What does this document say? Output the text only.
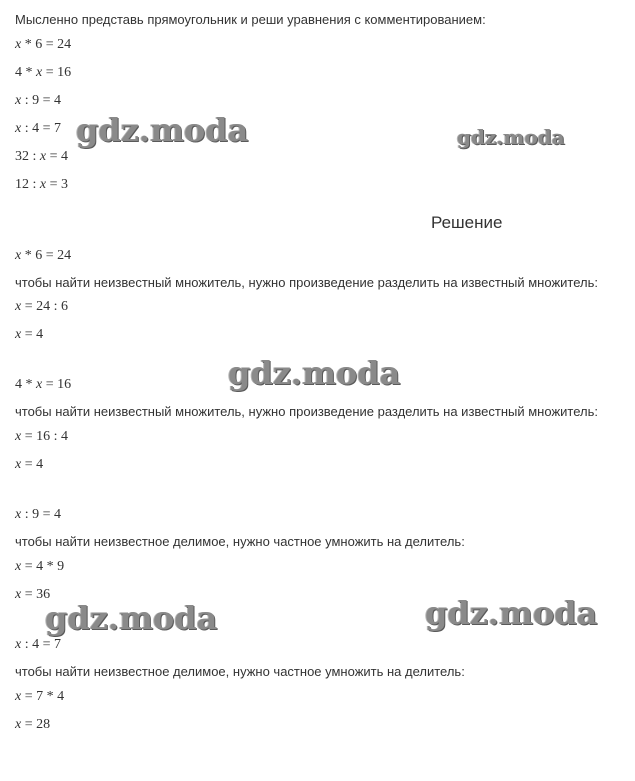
Мысленно представь прямоугольник и реши уравнения с комментированием:
x * 6 = 24
4 * x = 16
x : 9 = 4
x : 4 = 7
32 : x = 4
12 : x = 3
Решение
x * 6 = 24
чтобы найти неизвестный множитель, нужно произведение разделить на известный множитель:
x = 24 : 6
x = 4
4 * x = 16
чтобы найти неизвестный множитель, нужно произведение разделить на известный множитель:
x = 16 : 4
x = 4
x : 9 = 4
чтобы найти неизвестное делимое, нужно частное умножить на делитель:
x = 4 * 9
x = 36
x : 4 = 7
чтобы найти неизвестное делимое, нужно частное умножить на делитель:
x = 7 * 4
x = 28
gdz.moda	gdz.moda
gdz.moda
gdz.moda	gdz.moda
